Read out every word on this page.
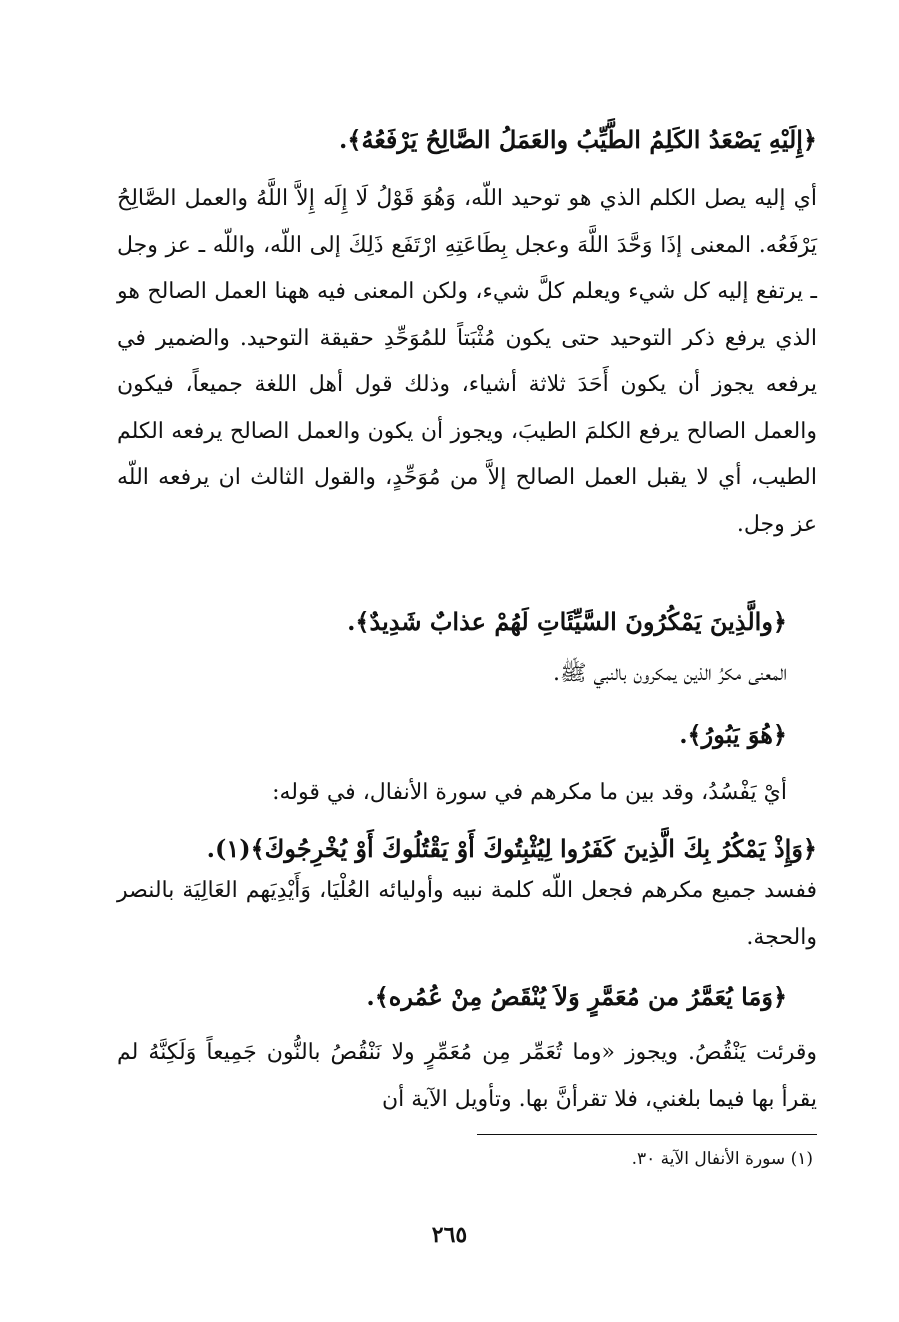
﴿إِلَيْهِ يَصْعَدُ الكَلِمُ الطَّيِّبُ والعَمَلُ الصَّالِحُ يَرْفَعُهُ﴾.

أي إليه يصل الكلم الذي هو توحيد اللّه، وَهُوَ قَوْلُ لَا إِلَه إِلاَّ اللَّهُ والعمل الصَّالِحُ يَرْفَعُه. المعنى إذَا وَحَّدَ اللَّهَ وعجل بِطَاعَتِهِ ارْتَفَع ذَلِكَ إلى اللّه، واللّه ـ عز وجل ـ يرتفع إليه كل شيء ويعلم كلَّ شيء، ولكن المعنى فيه ههنا العمل الصالح هو الذي يرفع ذكر التوحيد حتى يكون مُثْبَتاً للمُوَحِّدِ حقيقة التوحيد. والضمير في يرفعه يجوز أن يكون أَحَدَ ثلاثة أشياء، وذلك قول أهل اللغة جميعاً، فيكون والعمل الصالح يرفع الكلمَ الطيبَ، ويجوز أن يكون والعمل الصالح يرفعه الكلم الطيب، أي لا يقبل العمل الصالح إلاَّ من مُوَحِّدٍ، والقول الثالث ان يرفعه اللّه عز وجل.

﴿والَّذِينَ يَمْكُرُونَ السَّيِّئَاتِ لَهُمْ عذابٌ شَدِيدٌ﴾.

المعنى مكرُ الذين يمكرون بالنبي ﷺ.

﴿هُوَ يَبُورُ﴾.

أيْ يَفْسُدُ، وقد بين ما مكرهم في سورة الأنفال، في قوله:

﴿وَإِذْ يَمْكُرُ بِكَ الَّذِينَ كَفَرُوا لِيُثْبِتُوكَ أَوْ يَقْتُلُوكَ أَوْ يُخْرِجُوكَ﴾(١).

ففسد جميع مكرهم فجعل اللّه كلمة نبيه وأوليائه العُلْيَا، وَأَيْدِيَهم العَالِيَة بالنصر والحجة.

﴿وَمَا يُعَمَّرُ من مُعَمَّرٍ وَلاَ يُنْقَصُ مِنْ عُمُره﴾.

وقرئت يَنْقُصُ. ويجوز «وما تُعَمِّر مِن مُعَمِّرٍ ولا نَنْقُصُ بالنُّون جَمِيعاً وَلَكِنَّهُ لم يقرأ بها فيما بلغني، فلا تقرأنَّ بها. وتأويل الآية أن

(١) سورة الأنفال الآية ٣٠.

٢٦٥
